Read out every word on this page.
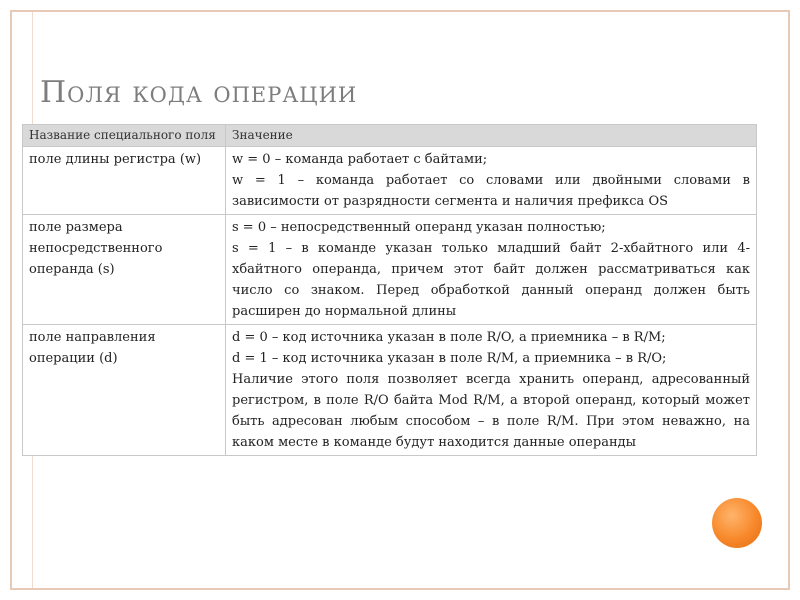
Поля кода операции
Название специального поля	Значение
поле длины регистра (w)	w = 0 – команда работает с байтами;
w = 1 – команда работает со словами или двойными словами в зависимости от разрядности сегмента и наличия префикса OS

поле размера непосредственного операнда (s)	s = 0 – непосредственный операнд указан полностью;
s = 1 – в команде указан только младший байт 2-хбайтного или 4-хбайтного операнда, причем этот байт должен рассматриваться как число со знаком. Перед обработкой данный операнд должен быть расширен до нормальной длины

поле направления операции (d)	d = 0 – код источника указан в поле R/O, а приемника – в R/M;
d = 1 – код источника указан в поле R/M, а приемника – в R/O;
Наличие этого поля позволяет всегда хранить операнд, адресованный регистром, в поле R/O байта Mod R/M, а второй операнд, который может быть адресован любым способом – в поле R/M. При этом неважно, на каком месте в команде будут находится данные операнды
